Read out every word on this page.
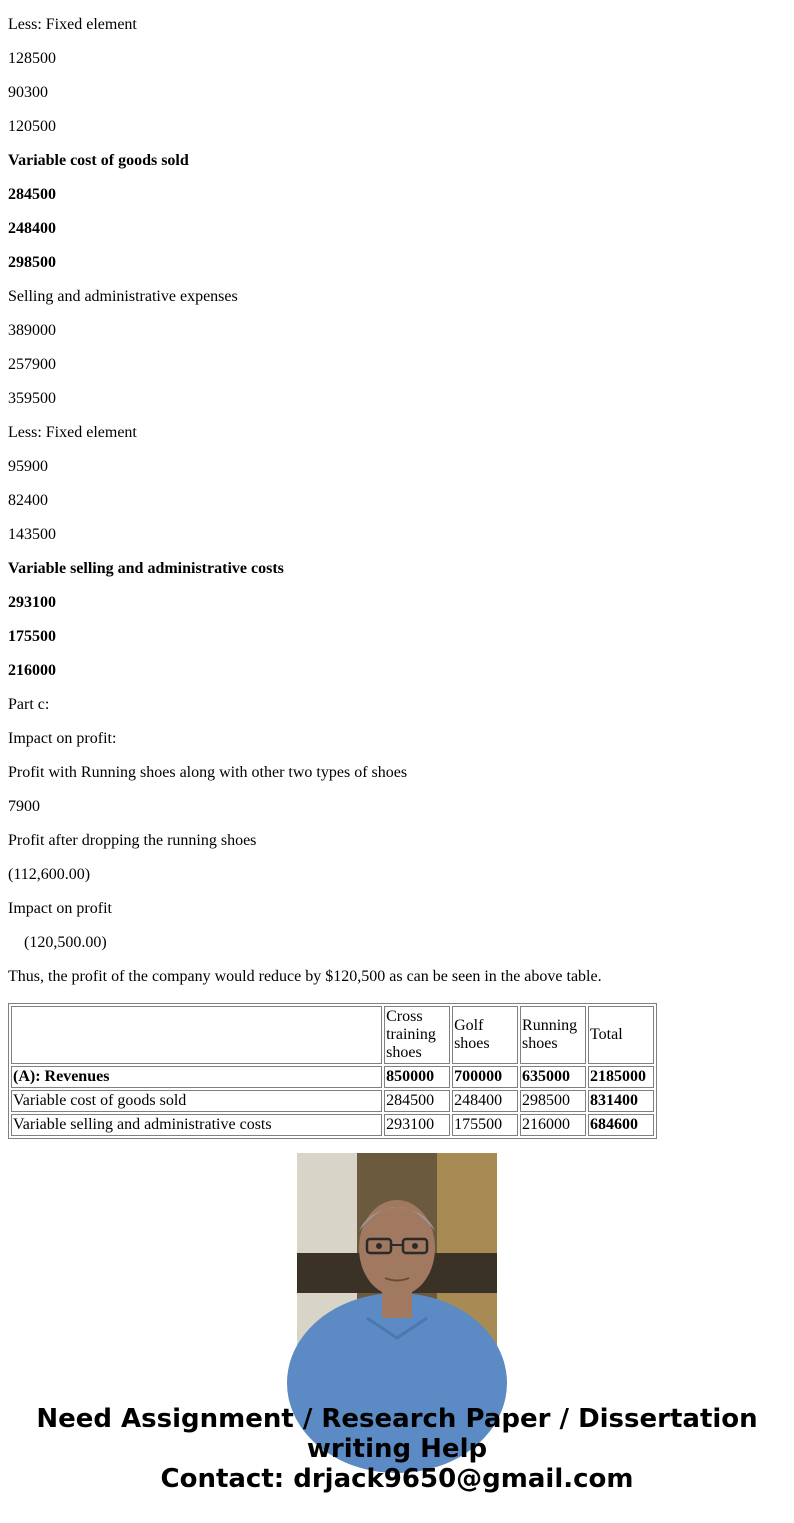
Less: Fixed element
128500
90300
120500
Variable cost of goods sold
284500
248400
298500
Selling and administrative expenses
389000
257900
359500
Less: Fixed element
95900
82400
143500
Variable selling and administrative costs
293100
175500
216000
Part c:
Impact on profit:
Profit with Running shoes along with other two types of shoes
7900
Profit after dropping the running shoes
(112,600.00)
Impact on profit
(120,500.00)
Thus, the profit of the company would reduce by $120,500 as can be seen in the above table.
	Cross training shoes	Golf shoes	Running shoes	Total
(A): Revenues	850000	700000	635000	2185000
Variable cost of goods sold	284500	248400	298500	831400
Variable selling and administrative costs	293100	175500	216000	684600
Need Assignment / Research Paper / Dissertation
writing Help
Contact: drjack9650@gmail.com
